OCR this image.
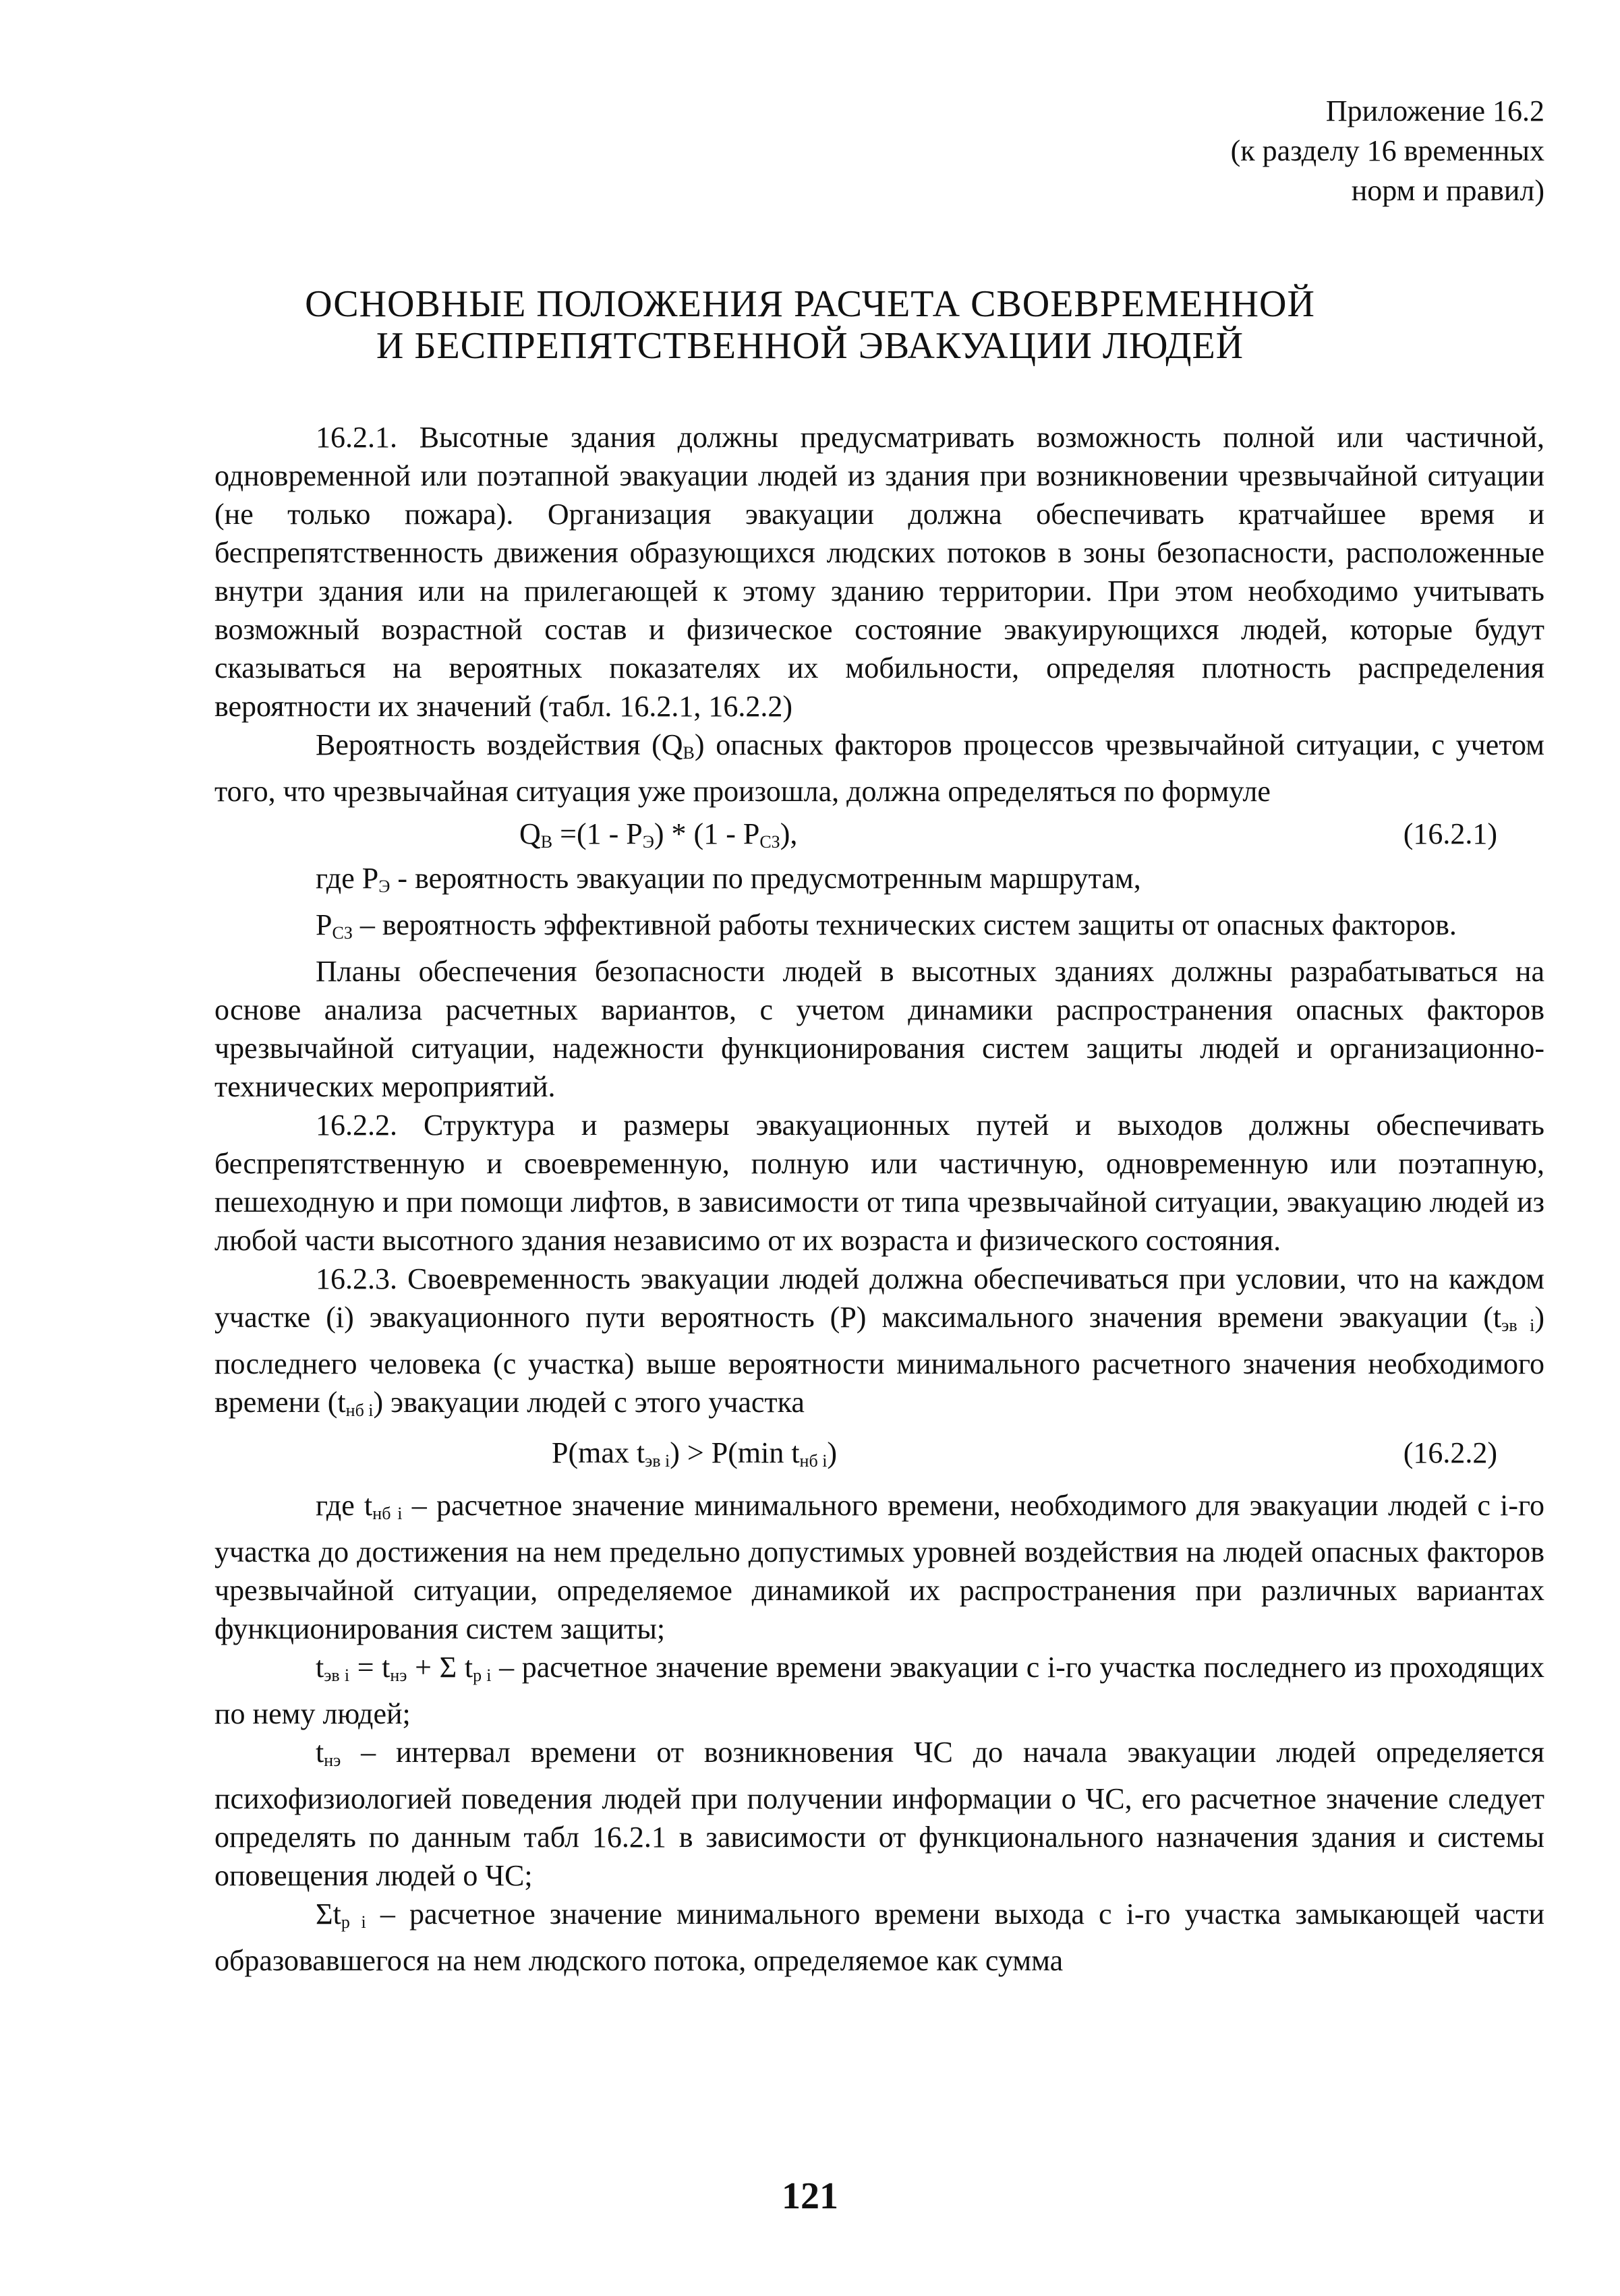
Приложение 16.2
(к разделу 16 временных
норм и правил)
ОСНОВНЫЕ ПОЛОЖЕНИЯ РАСЧЕТА СВОЕВРЕМЕННОЙ
И БЕСПРЕПЯТСТВЕННОЙ ЭВАКУАЦИИ ЛЮДЕЙ

16.2.1. Высотные здания должны предусматривать возможность полной или частичной, одновременной или поэтапной эвакуации людей из здания при возникновении чрезвычайной ситуации (не только пожара). Организация эвакуации должна обеспечивать кратчайшее время и беспрепятственность движения образующихся людских потоков в зоны безопасности, расположенные внутри здания или на прилегающей к этому зданию территории. При этом необходимо учитывать возможный возрастной состав и физическое состояние эвакуирующихся людей, которые будут сказываться на вероятных показателях их мобильности, определяя плотность распределения вероятности их значений (табл. 16.2.1, 16.2.2)

Вероятность воздействия $(Q_В)$ опасных факторов процессов чрезвычайной ситуации, с учетом того, что чрезвычайная ситуация уже произошла, должна определяться по формуле

$Q_В =(1 - P_Э) * (1 - P_{СЗ})$,	(16.2.1)

где $P_Э$ - вероятность эвакуации по предусмотренным маршрутам,

$P_{СЗ}$ – вероятность эффективной работы технических систем защиты от опасных факторов.

Планы обеспечения безопасности людей в высотных зданиях должны разрабатываться на основе анализа расчетных вариантов, с учетом динамики распространения опасных факторов чрезвычайной ситуации, надежности функционирования систем защиты людей и организационно-технических мероприятий.

16.2.2. Структура и размеры эвакуационных путей и выходов должны обеспечивать беспрепятственную и своевременную, полную или частичную, одновременную или поэтапную, пешеходную и при помощи лифтов, в зависимости от типа чрезвычайной ситуации, эвакуацию людей из любой части высотного здания независимо от их возраста и физического состояния.

16.2.3. Своевременность эвакуации людей должна обеспечиваться при условии, что на каждом участке (i) эвакуационного пути вероятность (P) максимального значения времени эвакуации $(t_{эв i})$ последнего человека (с участка) выше вероятности минимального расчетного значения необходимого времени $(t_{нб i})$ эвакуации людей с этого участка

P(max $t_{эв i}) > P(\min$ $t_{нб i}$)	(16.2.2)

где $t_{нб i}$ – расчетное значение минимального времени, необходимого для эвакуации людей с i-го участка до достижения на нем предельно допустимых уровней воздействия на людей опасных факторов чрезвычайной ситуации, определяемое динамикой их распространения при различных вариантах функционирования систем защиты;

$t_{эв i} = t_{нэ} + \Sigma$ $t_{р i}$ – расчетное значение времени эвакуации с i-го участка последнего из проходящих по нему людей;

$t_{нэ}$ – интервал времени от возникновения ЧС до начала эвакуации людей определяется психофизиологией поведения людей при получении информации о ЧС, его расчетное значение следует определять по данным табл 16.2.1 в зависимости от функционального назначения здания и системы оповещения людей о ЧС;

$\Sigma t_{р i}$ – расчетное значение минимального времени выхода с i-го участка замыкающей части образовавшегося на нем людского потока, определяемое как сумма

121
